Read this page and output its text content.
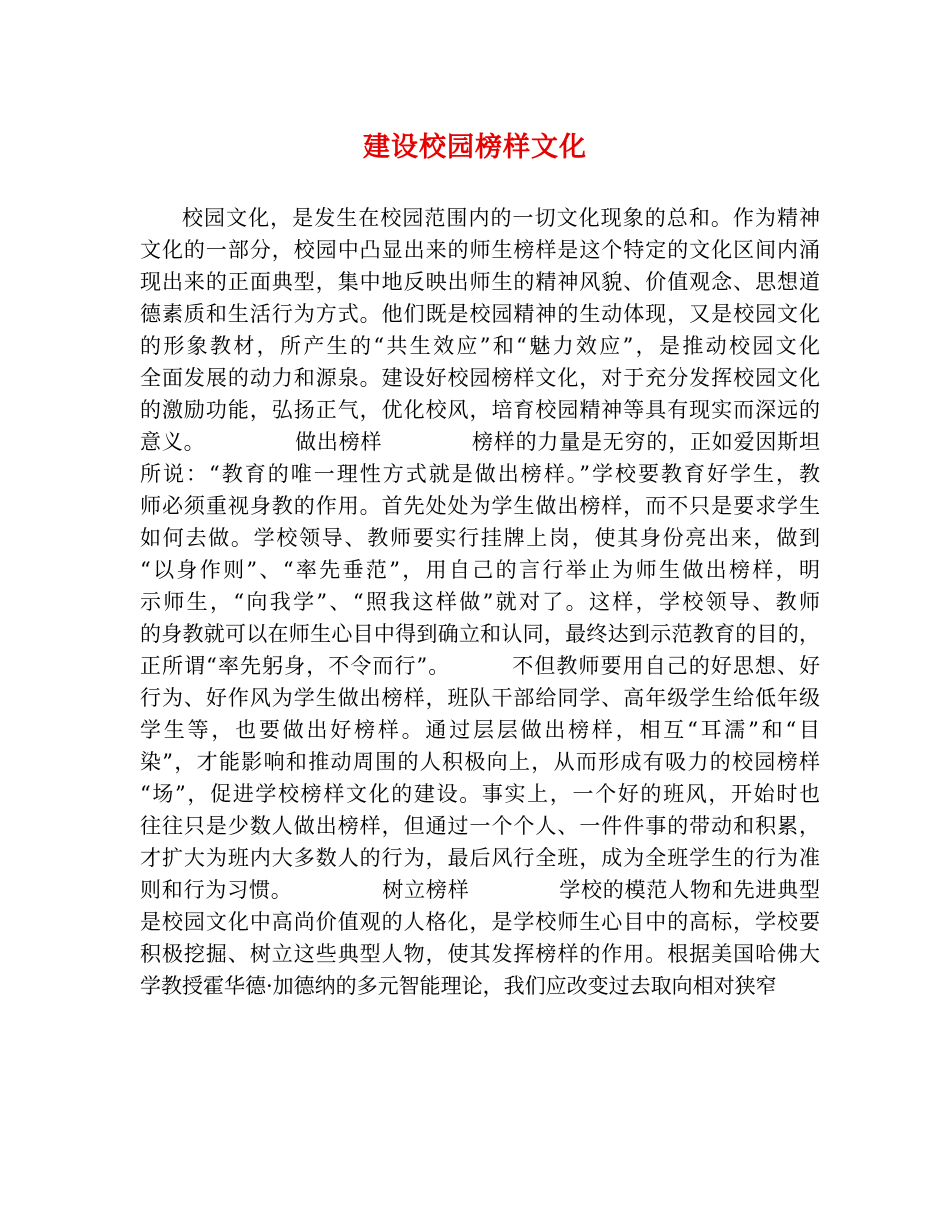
建设校园榜样文化
校园文化，是发生在校园范围内的一切文化现象的总和。作为精神
文化的一部分，校园中凸显出来的师生榜样是这个特定的文化区间内涌
现出来的正面典型，集中地反映出师生的精神风貌、价值观念、思想道
德素质和生活行为方式。他们既是校园精神的生动体现，又是校园文化
的形象教材，所产生的“共生效应”和“魅力效应”，是推动校园文化
全面发展的动力和源泉。建设好校园榜样文化，对于充分发挥校园文化
的激励功能，弘扬正气，优化校风，培育校园精神等具有现实而深远的
意义。            做出榜样            榜样的力量是无穷的，正如爱因斯坦
所说：“教育的唯一理性方式就是做出榜样。”学校要教育好学生，教
师必须重视身教的作用。首先处处为学生做出榜样，而不只是要求学生
如何去做。学校领导、教师要实行挂牌上岗，使其身份亮出来，做到
“以身作则”、“率先垂范”，用自己的言行举止为师生做出榜样，明
示师生，“向我学”、“照我这样做”就对了。这样，学校领导、教师
的身教就可以在师生心目中得到确立和认同，最终达到示范教育的目的，
正所谓“率先躬身，不令而行”。        不但教师要用自己的好思想、好
行为、好作风为学生做出榜样，班队干部给同学、高年级学生给低年级
学生等，也要做出好榜样。通过层层做出榜样，相互“耳濡”和“目
染”，才能影响和推动周围的人积极向上，从而形成有吸力的校园榜样
“场”，促进学校榜样文化的建设。事实上，一个好的班风，开始时也
往往只是少数人做出榜样，但通过一个个人、一件件事的带动和积累，
才扩大为班内大多数人的行为，最后风行全班，成为全班学生的行为准
则和行为习惯。            树立榜样            学校的模范人物和先进典型
是校园文化中高尚价值观的人格化，是学校师生心目中的高标，学校要
积极挖掘、树立这些典型人物，使其发挥榜样的作用。根据美国哈佛大
学教授霍华德·加德纳的多元智能理论，我们应改变过去取向相对狭窄
